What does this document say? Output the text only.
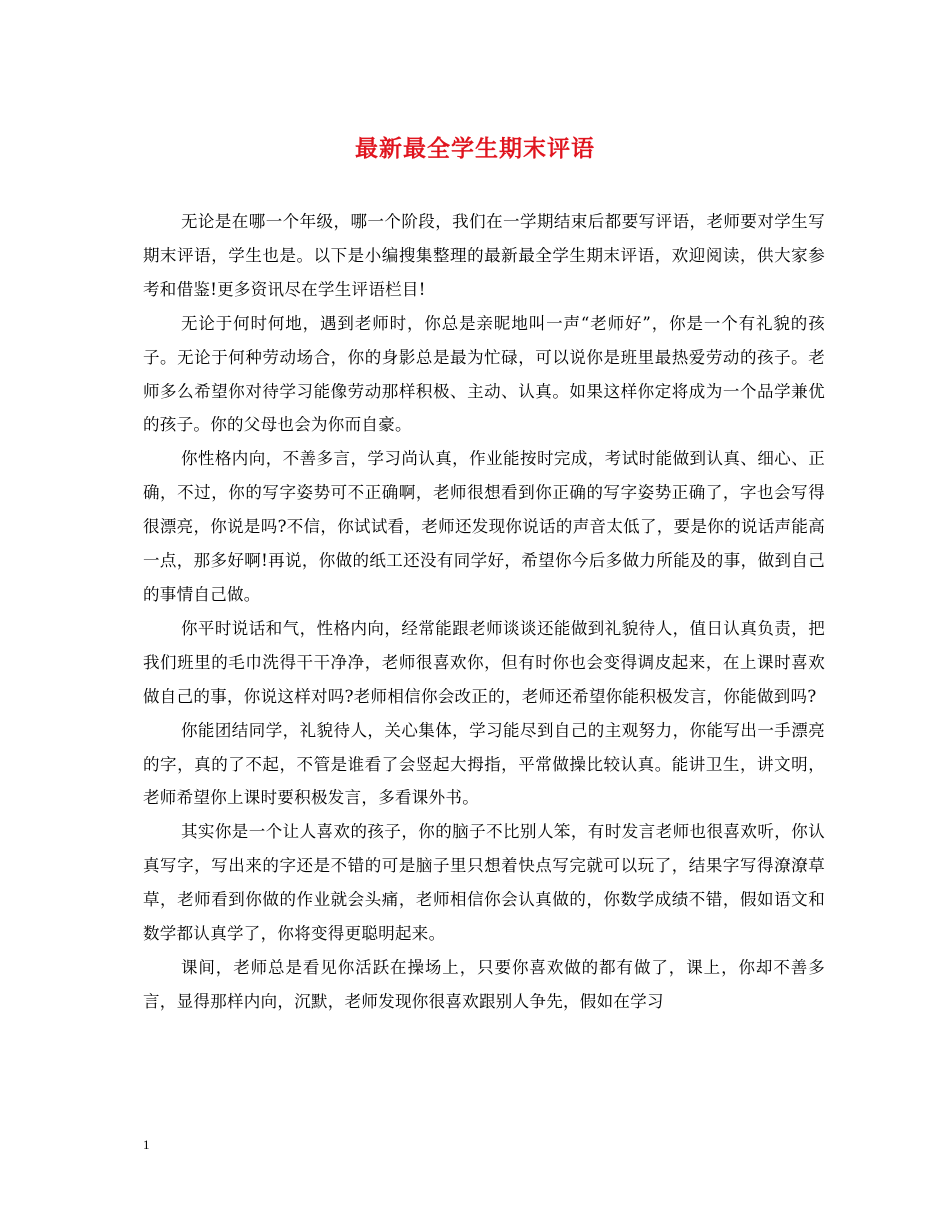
最新最全学生期末评语

无论是在哪一个年级，哪一个阶段，我们在一学期结束后都要写评语，老师要对学生写期末评语，学生也是。以下是小编搜集整理的最新最全学生期末评语，欢迎阅读，供大家参考和借鉴!更多资讯尽在学生评语栏目!

无论于何时何地，遇到老师时，你总是亲昵地叫一声“老师好”，你是一个有礼貌的孩子。无论于何种劳动场合，你的身影总是最为忙碌，可以说你是班里最热爱劳动的孩子。老师多么希望你对待学习能像劳动那样积极、主动、认真。如果这样你定将成为一个品学兼优的孩子。你的父母也会为你而自豪。

你性格内向，不善多言，学习尚认真，作业能按时完成，考试时能做到认真、细心、正确，不过，你的写字姿势可不正确啊，老师很想看到你正确的写字姿势正确了，字也会写得很漂亮，你说是吗?不信，你试试看，老师还发现你说话的声音太低了，要是你的说话声能高一点，那多好啊!再说，你做的纸工还没有同学好，希望你今后多做力所能及的事，做到自己的事情自己做。

你平时说话和气，性格内向，经常能跟老师谈谈还能做到礼貌待人，值日认真负责，把我们班里的毛巾洗得干干净净，老师很喜欢你，但有时你也会变得调皮起来，在上课时喜欢做自己的事，你说这样对吗?老师相信你会改正的，老师还希望你能积极发言，你能做到吗?

你能团结同学，礼貌待人，关心集体，学习能尽到自己的主观努力，你能写出一手漂亮的字，真的了不起，不管是谁看了会竖起大拇指，平常做操比较认真。能讲卫生，讲文明，老师希望你上课时要积极发言，多看课外书。

其实你是一个让人喜欢的孩子，你的脑子不比别人笨，有时发言老师也很喜欢听，你认真写字，写出来的字还是不错的可是脑子里只想着快点写完就可以玩了，结果字写得潦潦草草，老师看到你做的作业就会头痛，老师相信你会认真做的，你数学成绩不错，假如语文和数学都认真学了，你将变得更聪明起来。

课间，老师总是看见你活跃在操场上，只要你喜欢做的都有做了，课上，你却不善多言，显得那样内向，沉默，老师发现你很喜欢跟别人争先，假如在学习

1
